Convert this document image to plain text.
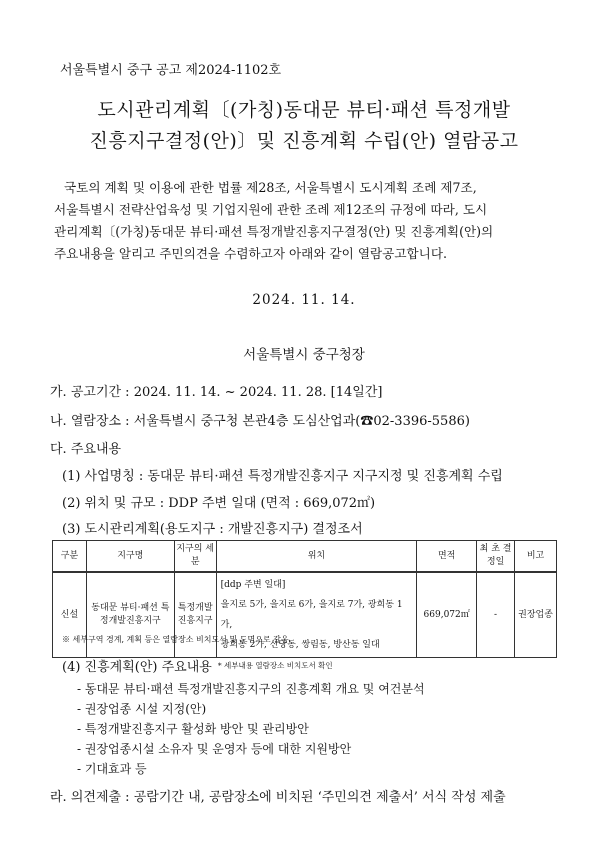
서울특별시 중구 공고 제2024-1102호
도시관리계획〔(가칭)동대문 뷰티·패션 특정개발
진흥지구결정(안)〕및 진흥계획 수립(안) 열람공고
국토의 계획 및 이용에 관한 법률 제28조, 서울특별시 도시계획 조례 제7조,
서울특별시 전략산업육성 및 기업지원에 관한 조례 제12조의 규정에 따라, 도시
관리계획〔(가칭)동대문 뷰티·패션 특정개발진흥지구결정(안) 및 진흥계획(안)의
주요내용을 알리고 주민의견을 수렴하고자 아래와 같이 열람공고합니다.
2024. 11. 14.
서울특별시 중구청장
가. 공고기간 : 2024. 11. 14. ~ 2024. 11. 28. [14일간]
나. 열람장소 : 서울특별시 중구청 본관4층 도심산업과(☎02-3396-5586)
다. 주요내용
(1) 사업명칭 : 동대문 뷰티·패션 특정개발진흥지구 지구지정 및 진흥계획 수립
(2) 위치 및 규모 : DDP 주변 일대 (면적 : 669,072㎡)
(3) 도시관리계획(용도지구 : 개발진흥지구) 결정조서
구분	지구명	지구의 세 분	위치	면적	최 초 결정일	비고
신설	동대문 뷰티·패션 특정개발진흥지구	특정개발 진흥지구	[ddp 주변 일대]
을지로 5가, 을지로 6가, 을지로 7가, 광희동 1가,
광희동 2가, 신당동, 쌍림동, 방산동 일대	669,072㎡	-	권장업종
※ 세부구역 경계, 계획 등은 열람장소 비치도서 및 도면으로 갈음.
(4) 진흥계획(안) 주요내용 $^{* 세부내용 열람장소 비치도서 확인}$
- 동대문 뷰티·패션 특정개발진흥지구의 진흥계획 개요 및 여건분석
- 권장업종 시설 지정(안)
- 특정개발진흥지구 활성화 방안 및 관리방안
- 권장업종시설 소유자 및 운영자 등에 대한 지원방안
- 기대효과 등
라. 의견제출 : 공람기간 내, 공람장소에 비치된 ‘주민의견 제출서’ 서식 작성 제출
